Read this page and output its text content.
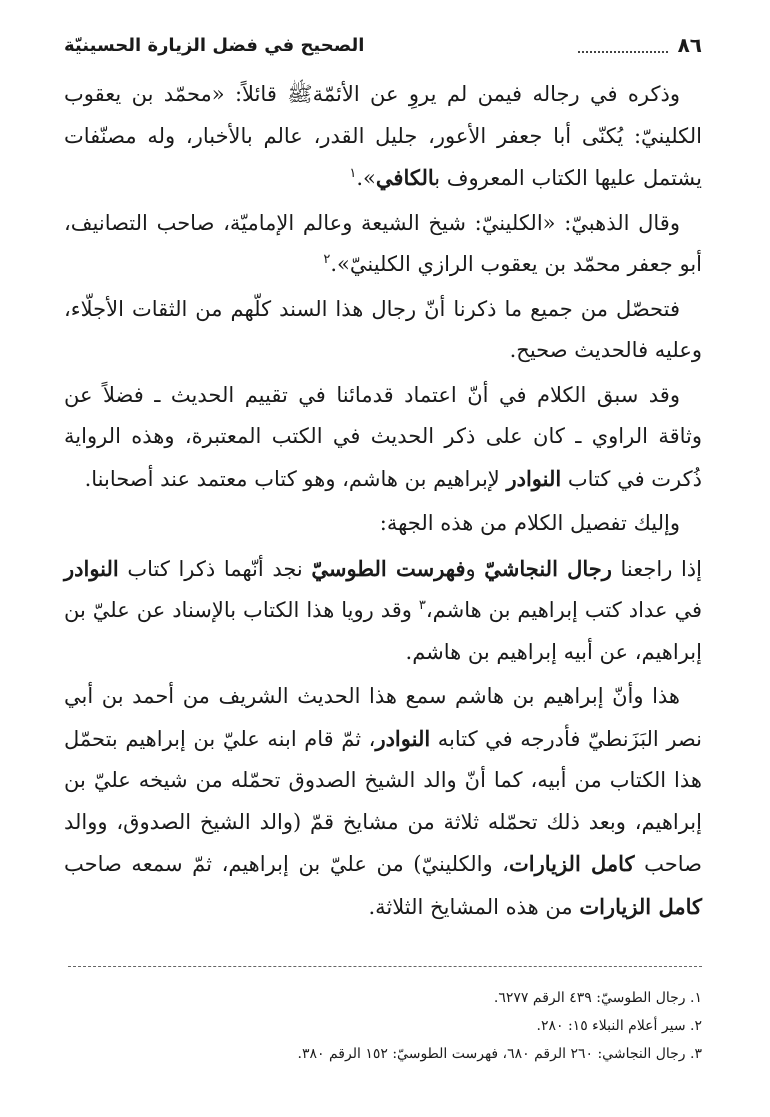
٨٦
الصحيح في فضل الزيارة الحسينيّة

وذكره في رجاله فيمن لم يروِ عن الأئمّةﷺ قائلاً: «محمّد بن يعقوب الكلينيّ: يُكنّى أبا جعفر الأعور، جليل القدر، عالم بالأخبار، وله مصنّفات يشتمل عليها الكتاب المعروف بالكافي».$^١$

وقال الذهبيّ: «الكلينيّ: شيخ الشيعة وعالم الإماميّة، صاحب التصانيف، أبو جعفر محمّد بن يعقوب الرازي الكلينيّ».$^٢$

فتحصّل من جميع ما ذكرنا أنّ رجال هذا السند كلّهم من الثقات الأجلّاء، وعليه فالحديث صحيح.

وقد سبق الكلام في أنّ اعتماد قدمائنا في تقييم الحديث ـ فضلاً عن وثاقة الراوي ـ كان على ذكر الحديث في الكتب المعتبرة، وهذه الرواية ذُكرت في كتاب النوادر لإبراهيم بن هاشم، وهو كتاب معتمد عند أصحابنا.

وإليك تفصيل الكلام من هذه الجهة:

إذا راجعنا رجال النجاشيّ وفهرست الطوسيّ نجد أنّهما ذكرا كتاب النوادر في عداد كتب إبراهيم بن هاشم،$^٣$ وقد رويا هذا الكتاب بالإسناد عن عليّ بن إبراهيم، عن أبيه إبراهيم بن هاشم.

هذا وأنّ إبراهيم بن هاشم سمع هذا الحديث الشريف من أحمد بن أبي نصر البَزَنطيّ فأدرجه في كتابه النوادر، ثمّ قام ابنه عليّ بن إبراهيم بتحمّل هذا الكتاب من أبيه، كما أنّ والد الشيخ الصدوق تحمّله من شيخه عليّ بن إبراهيم، وبعد ذلك تحمّله ثلاثة من مشايخ قمّ (والد الشيخ الصدوق، ووالد صاحب كامل الزيارات، والكلينيّ) من عليّ بن إبراهيم، ثمّ سمعه صاحب كامل الزيارات من هذه المشايخ الثلاثة.

١. رجال الطوسيّ: ٤٣٩ الرقم ٦٢٧٧.
٢. سير أعلام النبلاء ١٥: ٢٨٠.
٣. رجال النجاشي: ٢٦٠ الرقم ٦٨٠، فهرست الطوسيّ: ١٥٢ الرقم ٣٨٠.
